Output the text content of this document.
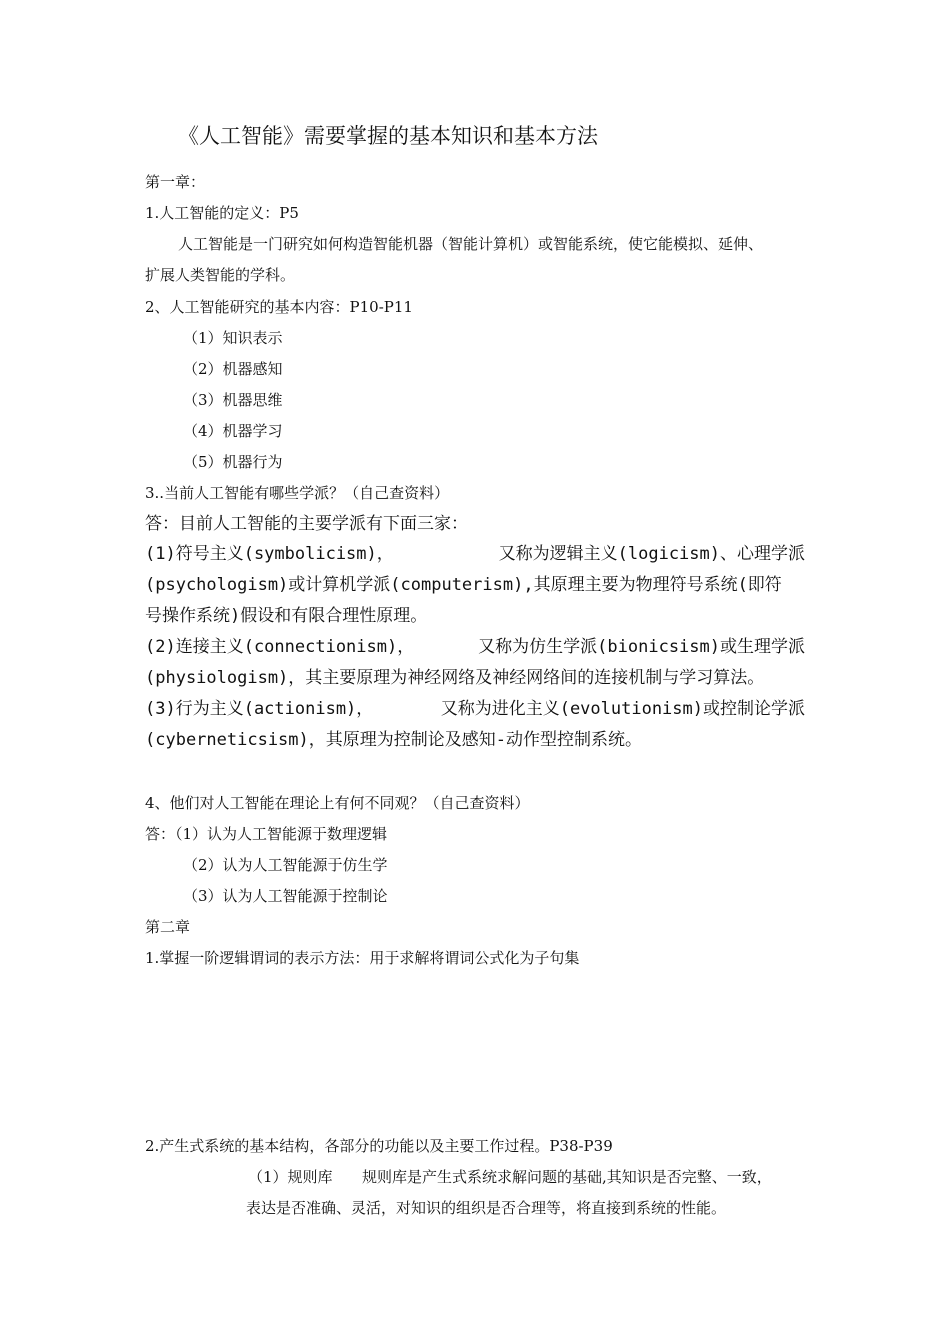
《人工智能》需要掌握的基本知识和基本方法
第一章：
1.人工智能的定义：P5
人工智能是一门研究如何构造智能机器（智能计算机）或智能系统，使它能模拟、延伸、
扩展人类智能的学科。
2、人工智能研究的基本内容：P10-P11
（1）知识表示
（2）机器感知
（3）机器思维
（4）机器学习
（5）机器行为
3..当前人工智能有哪些学派？（自己查资料）
答：目前人工智能的主要学派有下面三家：
(1)符号主义(symbolicism)，	又称为逻辑主义(logicism)、心理学派
(psychologism)或计算机学派(computerism),其原理主要为物理符号系统(即符
号操作系统)假设和有限合理性原理。
(2)连接主义(connectionism)，	又称为仿生学派(bionicsism)或生理学派
(physiologism)，其主要原理为神经网络及神经网络间的连接机制与学习算法。
(3)行为主义(actionism)，	又称为进化主义(evolutionism)或控制论学派
(cyberneticsism)，其原理为控制论及感知-动作型控制系统。
4、他们对人工智能在理论上有何不同观？（自己查资料）
答：（1）认为人工智能源于数理逻辑
（2）认为人工智能源于仿生学
（3）认为人工智能源于控制论
第二章
1.掌握一阶逻辑谓词的表示方法：用于求解将谓词公式化为子句集
2.产生式系统的基本结构，各部分的功能以及主要工作过程。P38-P39
（1）规则库 规则库是产生式系统求解问题的基础,其知识是否完整、一致，
表达是否准确、灵活，对知识的组织是否合理等，将直接到系统的性能。
